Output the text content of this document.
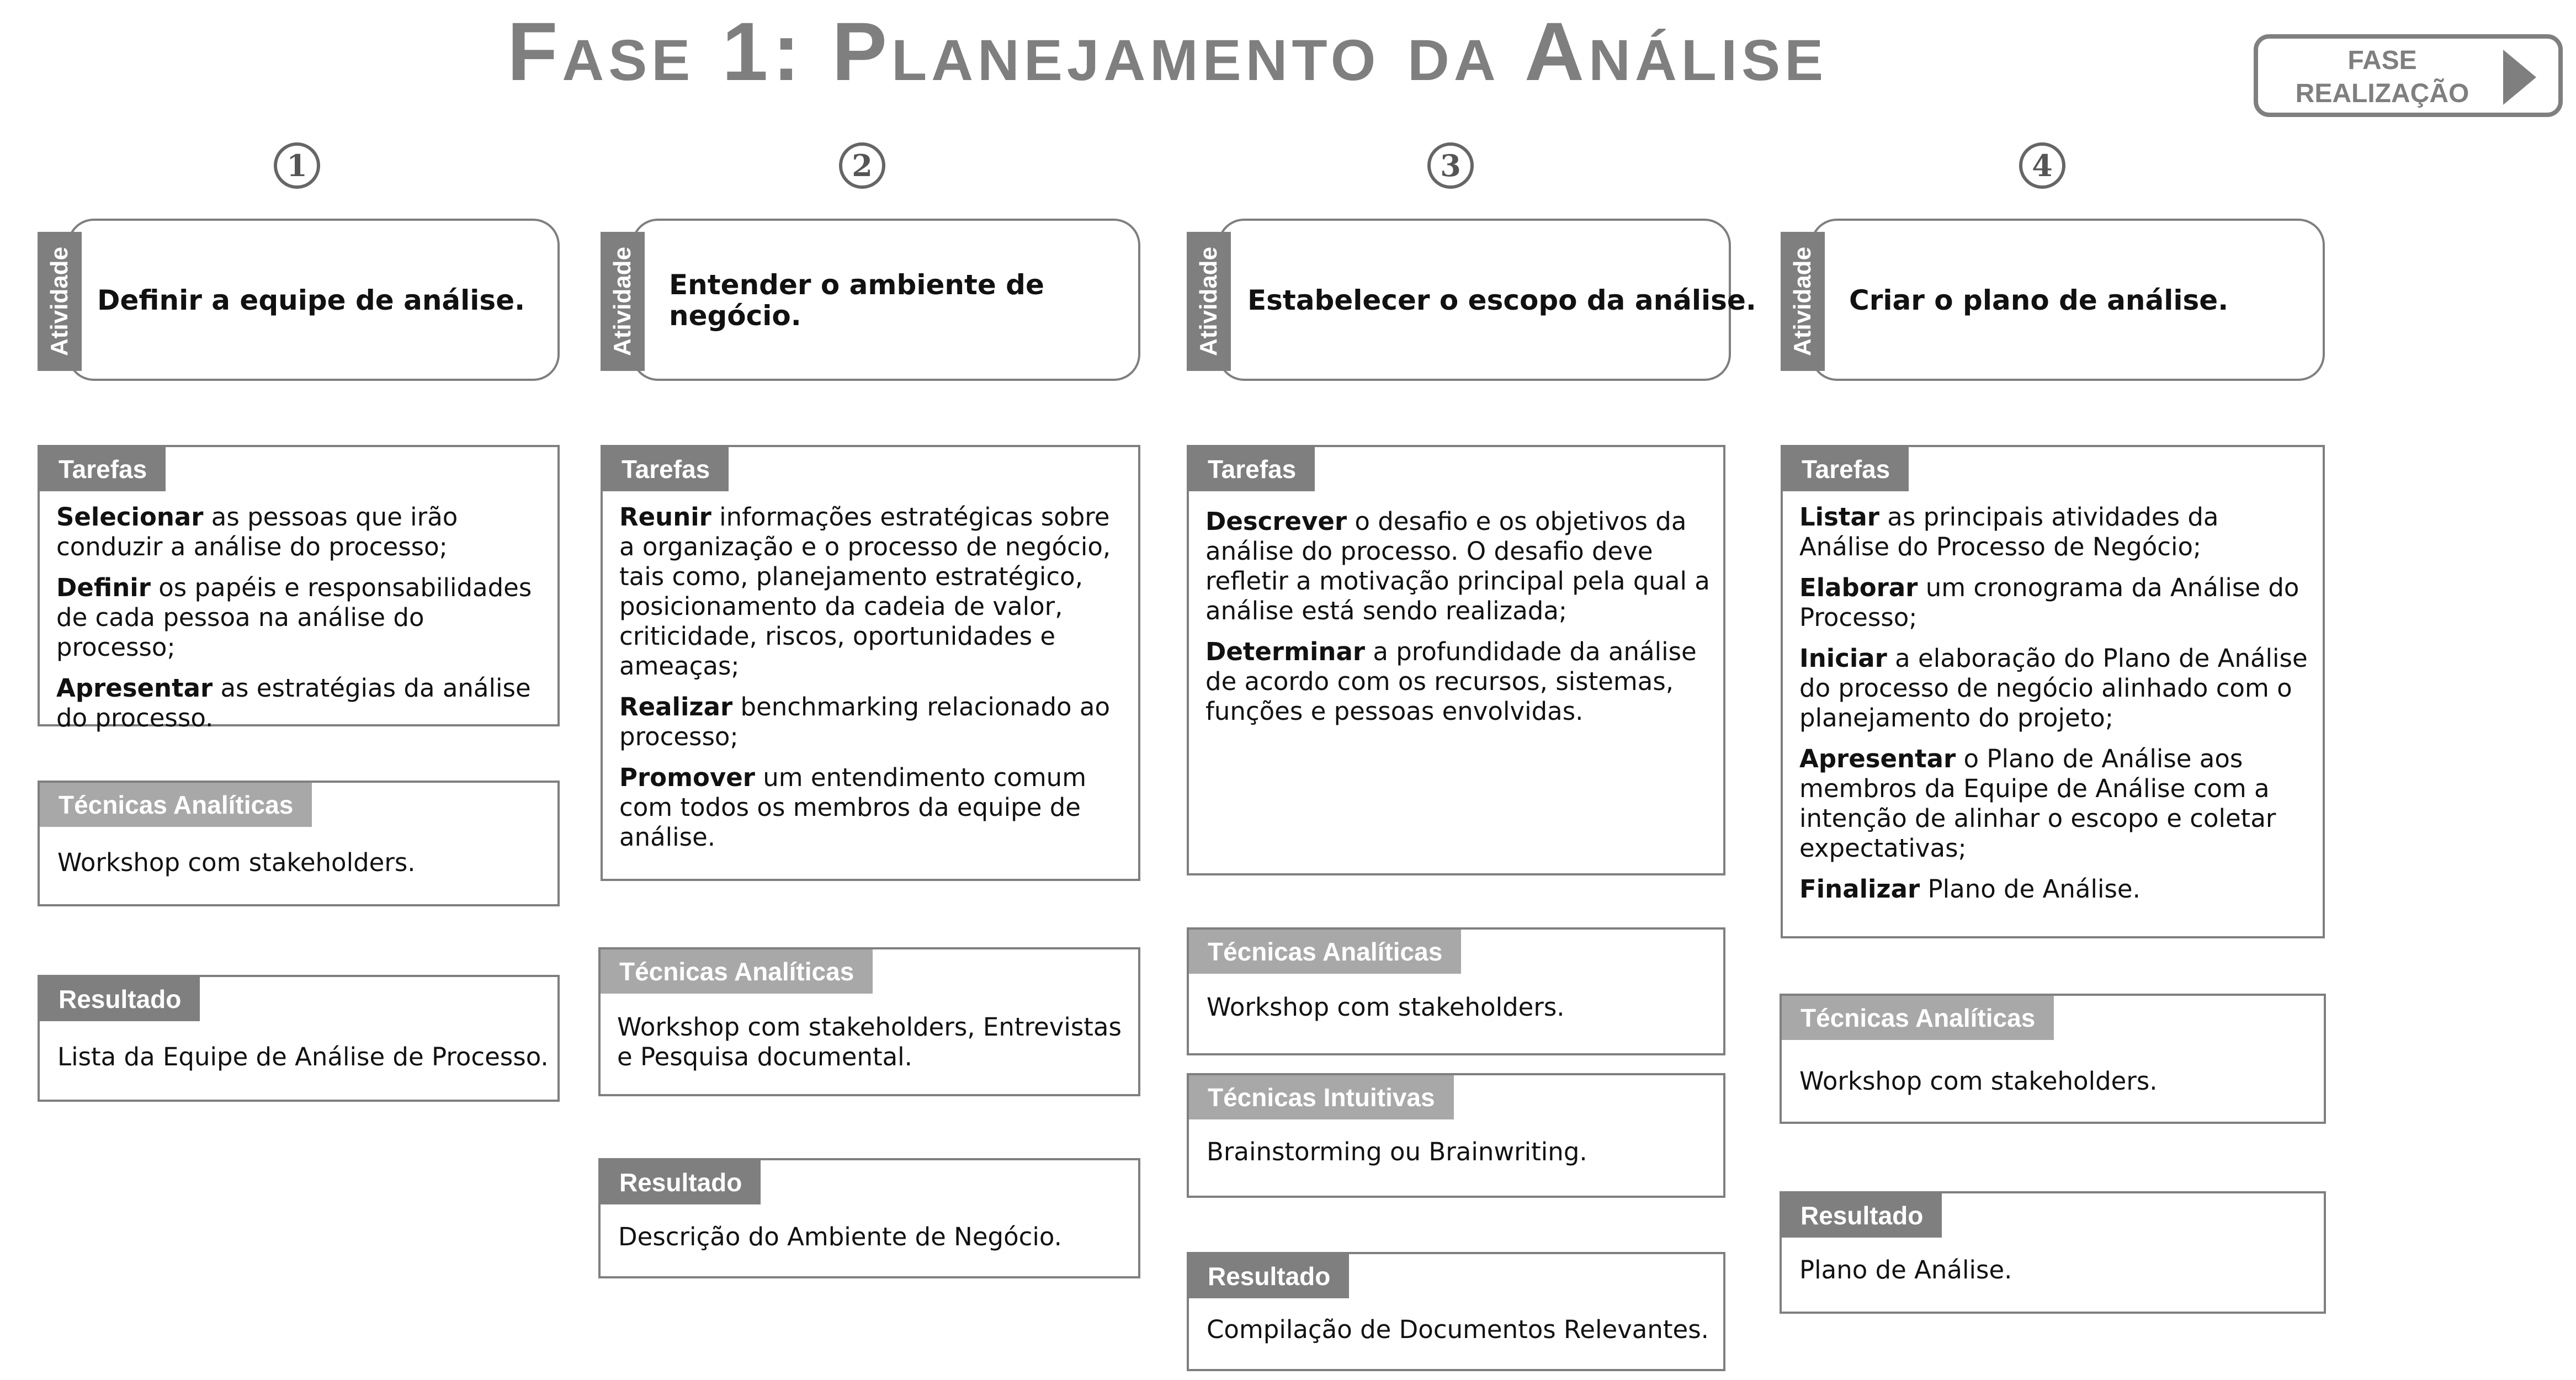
Fase 1: Planejamento da Análise	FASE
REALIZAÇÃO
1
Atividade Definir a equipe de análise.
Tarefas

Selecionar as pessoas que irão conduzir a análise do processo;

Definir os papéis e responsabilidades de cada pessoa na análise do processo;

Apresentar as estratégias da análise do processo.

Técnicas Analíticas
Workshop com stakeholders.
Resultado
Lista da Equipe de Análise de Processo.
2
Atividade Entender o ambiente de negócio.
Tarefas

Reunir informações estratégicas sobre a organização e o processo de negócio, tais como, planejamento estratégico, posicionamento da cadeia de valor, criticidade, riscos, oportunidades e ameaças;

Realizar benchmarking relacionado ao processo;

Promover um entendimento comum com todos os membros da equipe de análise.

Técnicas Analíticas
Workshop com stakeholders, Entrevistas e Pesquisa documental.
Resultado
Descrição do Ambiente de Negócio.
3
Atividade Estabelecer o escopo da análise.
Tarefas

Descrever o desafio e os objetivos da análise do processo. O desafio deve refletir a motivação principal pela qual a análise está sendo realizada;

Determinar a profundidade da análise de acordo com os recursos, sistemas, funções e pessoas envolvidas.

Técnicas Analíticas
Workshop com stakeholders.
Técnicas Intuitivas
Brainstorming ou Brainwriting.
Resultado
Compilação de Documentos Relevantes.
4
Atividade Criar o plano de análise.
Tarefas

Listar as principais atividades da Análise do Processo de Negócio;

Elaborar um cronograma da Análise do Processo;

Iniciar a elaboração do Plano de Análise do processo de negócio alinhado com o planejamento do projeto;

Apresentar o Plano de Análise aos membros da Equipe de Análise com a intenção de alinhar o escopo e coletar expectativas;

Finalizar Plano de Análise.

Técnicas Analíticas
Workshop com stakeholders.
Resultado
Plano de Análise.
